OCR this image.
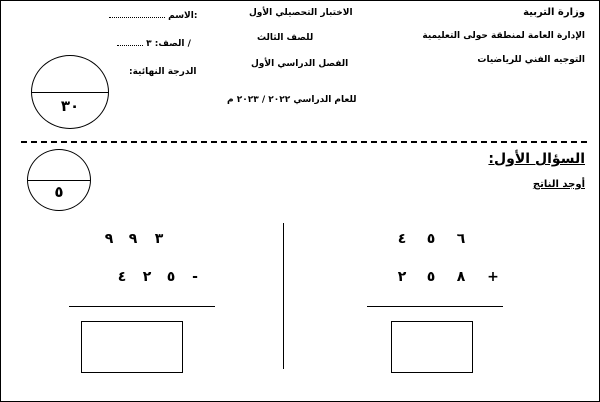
وزارة التربية
الإدارة العامة لمنطقة حولى التعليمية
التوجيه الفني للرياضيات
الاختبار التحصيلي الأول
للصف الثالث
الفصل الدراسي الأول
للعام الدراسي ٢٠٢٢ / ٢٠٢٣ م
الاسم:
الصف: ٣ /
الدرجة النهائية:
٣٠
السؤال الأول:
أوجد الناتج
٥
٤ ٥ ٦
٢ ٥ ٨ +
٩ ٩ ٣
٤ ٢ ٥	-
